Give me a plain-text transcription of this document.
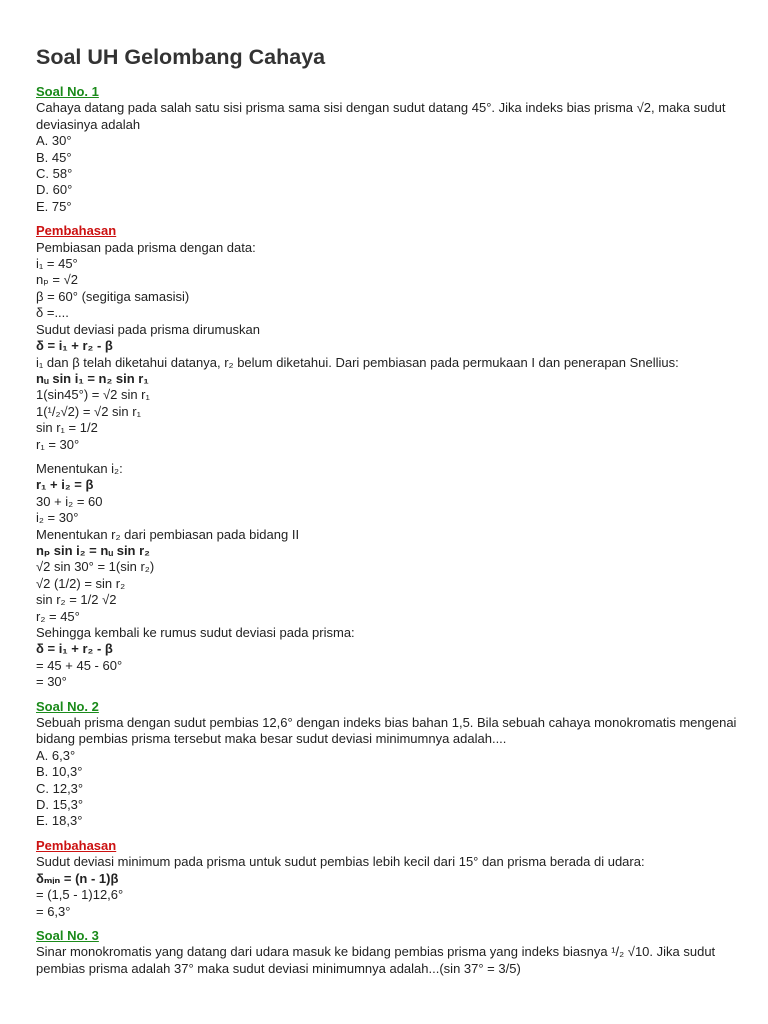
Soal UH Gelombang Cahaya
Soal No. 1
Cahaya datang pada salah satu sisi prisma sama sisi dengan sudut datang 45°. Jika indeks bias prisma √2, maka sudut deviasinya adalah
A. 30°
B. 45°
C. 58°
D. 60°
E. 75°
Pembahasan
Pembiasan pada prisma dengan data:
i₁ = 45°
nₚ = √2
β = 60° (segitiga samasisi)
δ =....
Sudut deviasi pada prisma dirumuskan
δ = i₁ + r₂ - β
i₁ dan β telah diketahui datanya, r₂ belum diketahui. Dari pembiasan pada permukaan I dan penerapan Snellius:
nᵤ sin i₁ = n₂ sin r₁
1(sin45°) = √2 sin r₁
1(¹/₂√2) = √2 sin r₁
sin r₁ = 1/2
r₁ = 30°
Menentukan i₂:
r₁ + i₂ = β
30 + i₂ = 60
i₂ = 30°
Menentukan r₂ dari pembiasan pada bidang II
nₚ sin i₂ = nᵤ sin r₂
√2 sin 30° = 1(sin r₂)
√2 (1/2) = sin r₂
sin r₂ = 1/2 √2
r₂ = 45°
Sehingga kembali ke rumus sudut deviasi pada prisma:
δ = i₁ + r₂ - β
= 45 + 45 - 60°
= 30°
Soal No. 2
Sebuah prisma dengan sudut pembias 12,6° dengan indeks bias bahan 1,5. Bila sebuah cahaya monokromatis mengenai bidang pembias prisma tersebut maka besar sudut deviasi minimumnya adalah....
A. 6,3°
B. 10,3°
C. 12,3°
D. 15,3°
E. 18,3°
Pembahasan
Sudut deviasi minimum pada prisma untuk sudut pembias lebih kecil dari 15° dan prisma berada di udara:
δₘᵢₙ = (n - 1)β
= (1,5 - 1)12,6°
= 6,3°
Soal No. 3
Sinar monokromatis yang datang dari udara masuk ke bidang pembias prisma yang indeks biasnya ¹/₂ √10. Jika sudut pembias prisma adalah 37° maka sudut deviasi minimumnya adalah...(sin 37° = 3/5)
